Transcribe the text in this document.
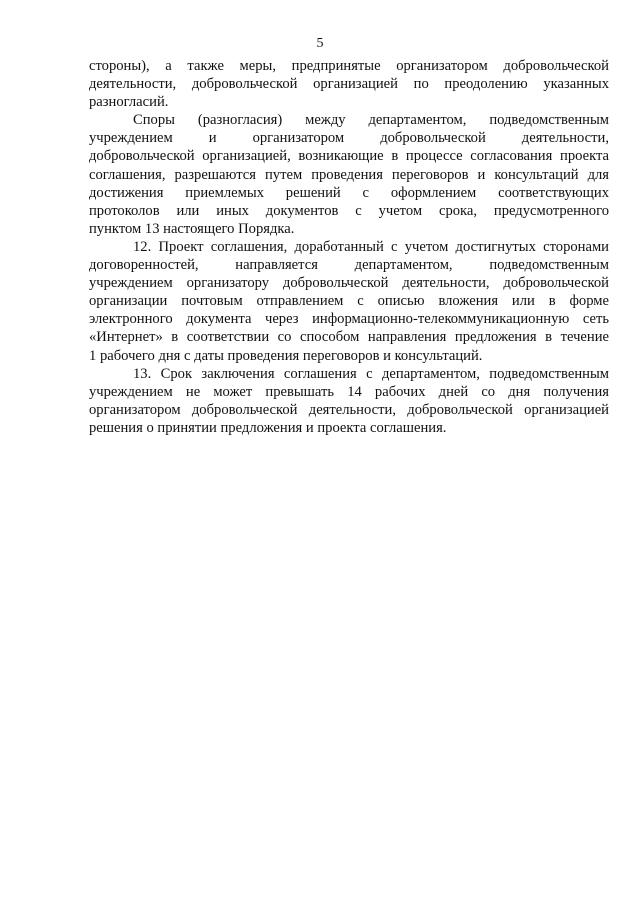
5
стороны), а также меры, предпринятые организатором добровольческой
деятельности, добровольческой организацией по преодолению указанных
разногласий.
Споры (разногласия) между департаментом, подведомственным
учреждением и организатором добровольческой деятельности,
добровольческой организацией, возникающие в процессе согласования проекта
соглашения, разрешаются путем проведения переговоров и консультаций для
достижения приемлемых решений с оформлением соответствующих
протоколов или иных документов с учетом срока, предусмотренного
пунктом 13 настоящего Порядка.
12. Проект соглашения, доработанный с учетом достигнутых сторонами
договоренностей, направляется департаментом, подведомственным
учреждением организатору добровольческой деятельности, добровольческой
организации почтовым отправлением с описью вложения или в форме
электронного документа через информационно-телекоммуникационную сеть
«Интернет» в соответствии со способом направления предложения в течение
1 рабочего дня с даты проведения переговоров и консультаций.
13. Срок заключения соглашения с департаментом, подведомственным
учреждением не может превышать 14 рабочих дней со дня получения
организатором добровольческой деятельности, добровольческой организацией
решения о принятии предложения и проекта соглашения.
